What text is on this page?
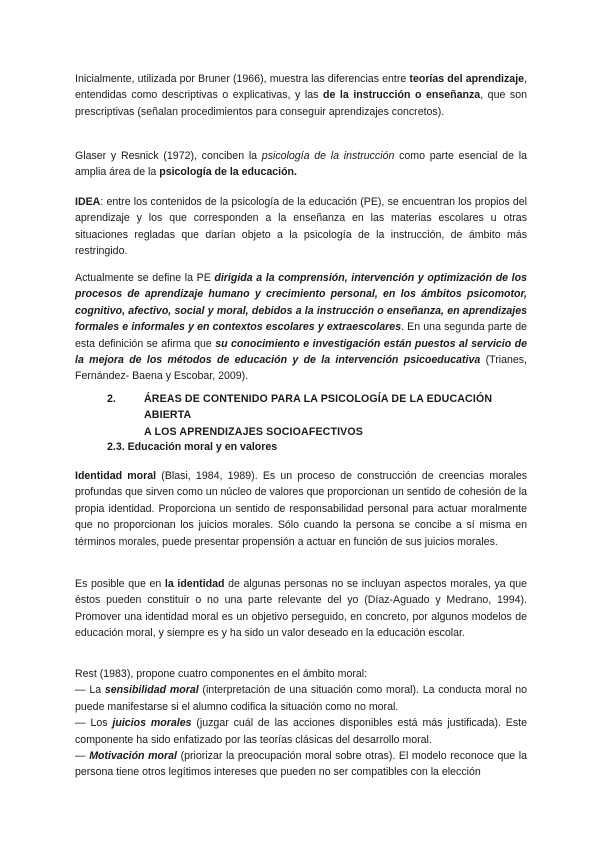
Inicialmente, utilizada por Bruner (1966), muestra las diferencias entre teorías del aprendizaje, entendidas como descriptivas o explicativas, y las de la instrucción o enseñanza, que son prescriptivas (señalan procedimientos para conseguir aprendizajes concretos).

Glaser y Resnick (1972), conciben la psicología de la instrucción como parte esencial de la amplia área de la psicología de la educación.

IDEA: entre los contenidos de la psicología de la educación (PE), se encuentran los propios del aprendizaje y los que corresponden a la enseñanza en las materias escolares u otras situaciones regladas que darían objeto a la psicología de la instrucción, de ámbito más restringido.

Actualmente se define la PE dirigida a la comprensión, intervención y optimización de los procesos de aprendizaje humano y crecimiento personal, en los ámbitos psicomotor, cognitivo, afectivo, social y moral, debidos a la instrucción o enseñanza, en aprendizajes formales e informales y en contextos escolares y extraescolares. En una segunda parte de esta definición se afirma que su conocimiento e investigación están puestos al servicio de la mejora de los métodos de educación y de la intervención psicoeducativa (Trianes, Fernández- Baena y Escobar, 2009).

2.	ÁREAS DE CONTENIDO PARA LA PSICOLOGÍA DE LA EDUCACIÓN ABIERTA
A LOS APRENDIZAJES SOCIOAFECTIVOS

2.3. Educación moral y en valores

Identidad moral (Blasi, 1984, 1989). Es un proceso de construcción de creencias morales profundas que sirven como un núcleo de valores que proporcionan un sentido de cohesión de la propia identidad. Proporciona un sentido de responsabilidad personal para actuar moralmente que no proporcionan los juicios morales. Sólo cuando la persona se concibe a sí misma en términos morales, puede presentar propensión a actuar en función de sus juicios morales.

Es posible que en la identidad de algunas personas no se incluyan aspectos morales, ya que éstos pueden constituir o no una parte relevante del yo (Díaz-Aguado y Medrano, 1994). Promover una identidad moral es un objetivo perseguido, en concreto, por algunos modelos de educación moral, y siempre es y ha sido un valor deseado en la educación escolar.

Rest (1983), propone cuatro componentes en el ámbito moral:
— La sensibilidad moral (interpretación de una situación como moral). La conducta moral no puede manifestarse si el alumno codifica la situación como no moral.
— Los juicios morales (juzgar cuál de las acciones disponibles está más justificada). Este componente ha sido enfatizado por las teorías clásicas del desarrollo moral.
— Motivación moral (priorizar la preocupación moral sobre otras). El modelo reconoce que la persona tiene otros legítimos intereses que pueden no ser compatibles con la elección
